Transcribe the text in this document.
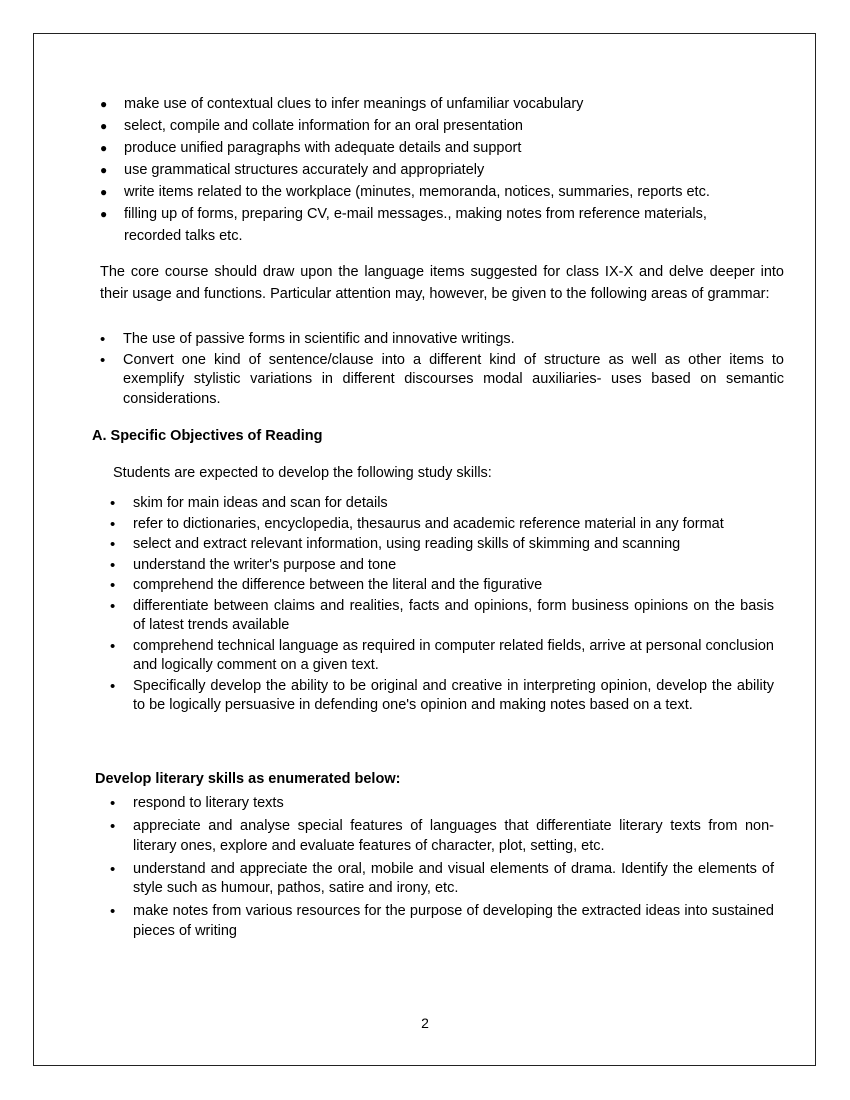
● make use of contextual clues to infer meanings of unfamiliar vocabulary
● select, compile and collate information for an oral presentation
● produce unified paragraphs with adequate details and support
● use grammatical structures accurately and appropriately
● write items related to the workplace (minutes, memoranda, notices, summaries, reports etc.
● filling up of forms, preparing CV, e-mail messages., making notes from reference materials, recorded talks etc.

The core course should draw upon the language items suggested for class IX-X and delve deeper into their usage and functions. Particular attention may, however, be given to the following areas of grammar:

• The use of passive forms in scientific and innovative writings.
• Convert one kind of sentence/clause into a different kind of structure as well as other items to exemplify stylistic variations in different discourses modal auxiliaries- uses based on semantic considerations.

A. Specific Objectives of Reading

Students are expected to develop the following study skills:

• skim for main ideas and scan for details
• refer to dictionaries, encyclopedia, thesaurus and academic reference material in any format
• select and extract relevant information, using reading skills of skimming and scanning
• understand the writer's purpose and tone
• comprehend the difference between the literal and the figurative
• differentiate between claims and realities, facts and opinions, form business opinions on the basis of latest trends available
• comprehend technical language as required in computer related fields, arrive at personal conclusion and logically comment on a given text.
• Specifically develop the ability to be original and creative in interpreting opinion, develop the ability to be logically persuasive in defending one's opinion and making notes based on a text.

Develop literary skills as enumerated below:

• respond to literary texts
• appreciate and analyse special features of languages that differentiate literary texts from non-literary ones, explore and evaluate features of character, plot, setting, etc.
• understand and appreciate the oral, mobile and visual elements of drama. Identify the elements of style such as humour, pathos, satire and irony, etc.
• make notes from various resources for the purpose of developing the extracted ideas into sustained pieces of writing

2
